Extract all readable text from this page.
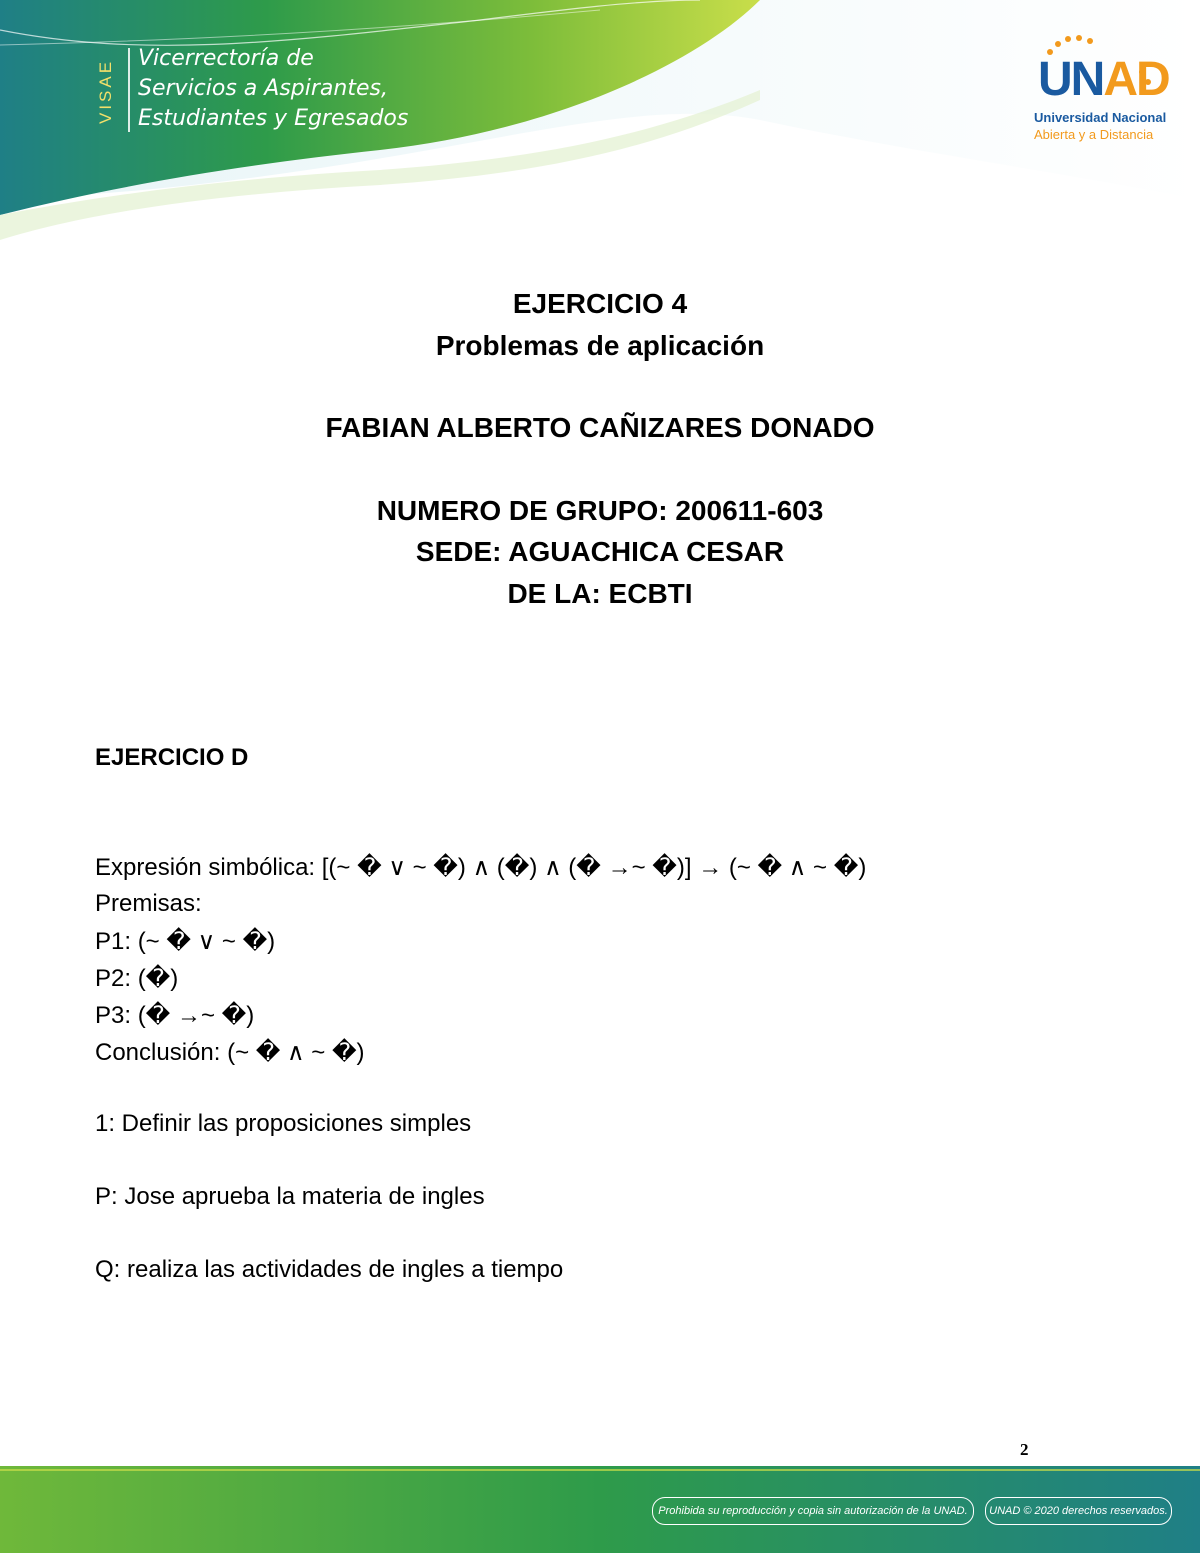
VISAE	Vicerrectoría de
Servicios a Aspirantes,
Estudiantes y Egresados
UNAD
Universidad Nacional
Abierta y a Distancia
EJERCICIO 4
Problemas de aplicación
FABIAN ALBERTO CAÑIZARES DONADO
NUMERO DE GRUPO: 200611-603
SEDE: AGUACHICA CESAR
DE LA: ECBTI
EJERCICIO D
Expresión simbólica: [(~ � ∨ ~ �) ∧ (�) ∧ (� →~ �)] → (~ � ∧ ~ �)
Premisas:
P1: (~ � ∨ ~ �)
P2: (�)
P3: (� →~ �)
Conclusión: (~ � ∧ ~ �)
1: Definir las proposiciones simples
P: Jose aprueba la materia de ingles
Q: realiza las actividades de ingles a tiempo
2
Prohibida su reproducción y copia sin autorización de la UNAD.	UNAD © 2020 derechos reservados.
